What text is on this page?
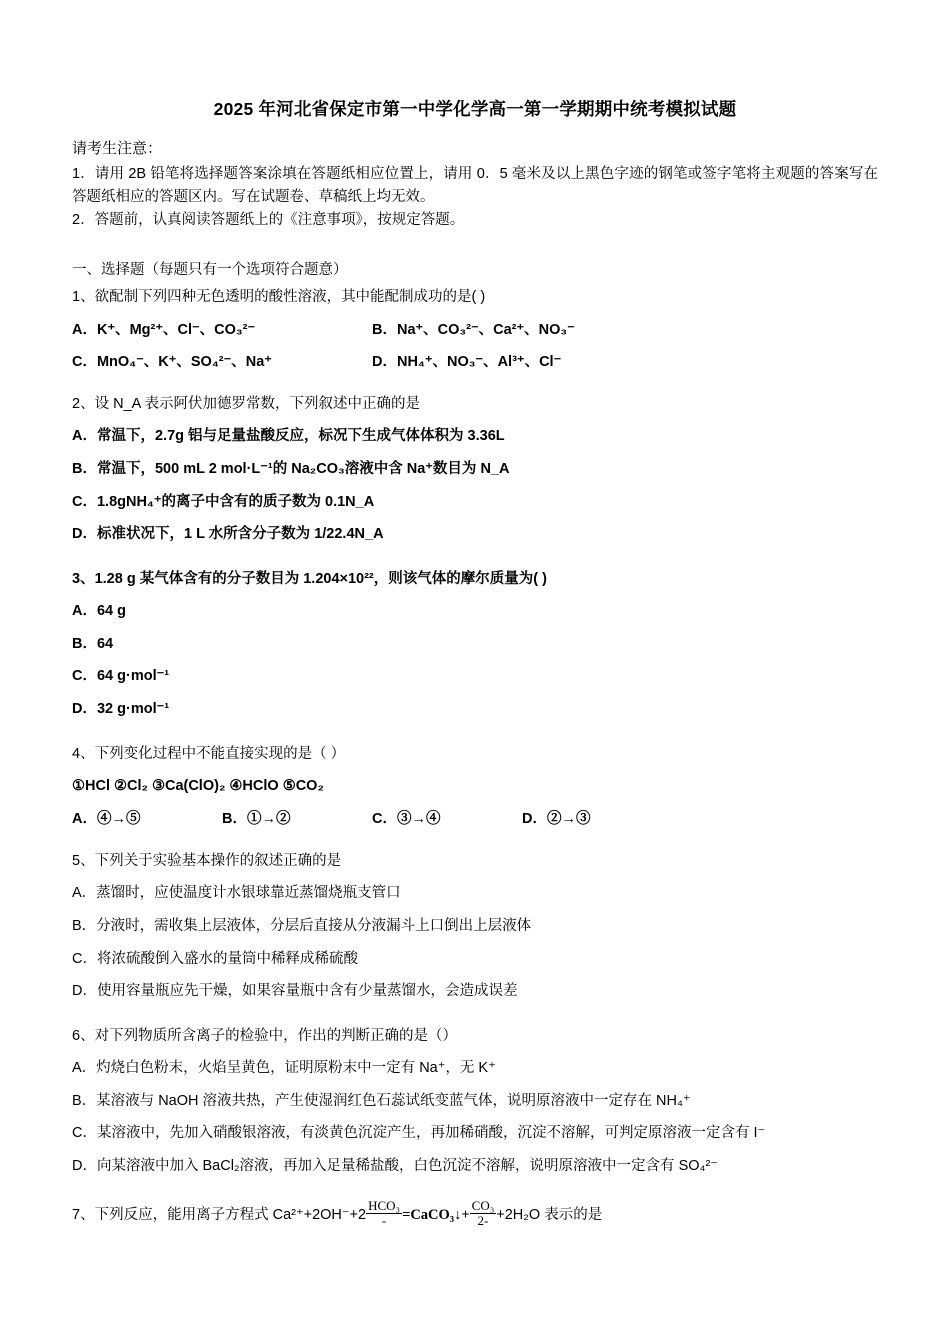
2025 年河北省保定市第一中学化学高一第一学期期中统考模拟试题
请考生注意：
1．请用 2B 铅笔将选择题答案涂填在答题纸相应位置上，请用 0．5 毫米及以上黑色字迹的钢笔或签字笔将主观题的答案写在答题纸相应的答题区内。写在试题卷、草稿纸上均无效。
2．答题前，认真阅读答题纸上的《注意事项》，按规定答题。
一、选择题（每题只有一个选项符合题意）
1、欲配制下列四种无色透明的酸性溶液，其中能配制成功的是( )
A．K⁺、Mg²⁺、Cl⁻、CO₃²⁻	B．Na⁺、CO₃²⁻、Ca²⁺、NO₃⁻
C．MnO₄⁻、K⁺、SO₄²⁻、Na⁺	D．NH₄⁺、NO₃⁻、Al³⁺、Cl⁻
2、设 N_A 表示阿伏加德罗常数，下列叙述中正确的是
A．常温下，2.7g 铝与足量盐酸反应，标况下生成气体体积为 3.36L
B．常温下，500 mL 2 mol·L⁻¹的 Na₂CO₃溶液中含 Na⁺数目为 N_A
C．1.8gNH₄⁺的离子中含有的质子数为 0.1N_A
D．标准状况下，1 L 水所含分子数为 1/22.4N_A
3、1.28 g 某气体含有的分子数目为 1.204×10²²，则该气体的摩尔质量为( )
A．64 g
B．64
C．64 g·mol⁻¹
D．32 g·mol⁻¹
4、下列变化过程中不能直接实现的是（ ）
①HCl ②Cl₂ ③Ca(ClO)₂ ④HClO ⑤CO₂
A．④→⑤	B．①→②	C．③→④	D．②→③
5、下列关于实验基本操作的叙述正确的是
A．蒸馏时，应使温度计水银球靠近蒸馏烧瓶支管口
B．分液时，需收集上层液体，分层后直接从分液漏斗上口倒出上层液体
C．将浓硫酸倒入盛水的量筒中稀释成稀硫酸
D．使用容量瓶应先干燥，如果容量瓶中含有少量蒸馏水，会造成误差
6、对下列物质所含离子的检验中，作出的判断正确的是（）
A．灼烧白色粉末，火焰呈黄色，证明原粉末中一定有 Na⁺，无 K⁺
B．某溶液与 NaOH 溶液共热，产生使湿润红色石蕊试纸变蓝气体，说明原溶液中一定存在 NH₄⁺
C．某溶液中，先加入硝酸银溶液，有淡黄色沉淀产生，再加稀硝酸，沉淀不溶解，可判定原溶液一定含有 I⁻
D．向某溶液中加入 BaCl₂溶液，再加入足量稀盐酸，白色沉淀不溶解，说明原溶液中一定含有 SO₄²⁻
7、下列反应，能用离子方程式 $Ca^{2+}+2OH^-+2 \frac{\text{HCO₃}}{-}$ =CaCO₃↓+ $\frac{\text{CO₃}}{2-} +2H_2O$ 表示的是
